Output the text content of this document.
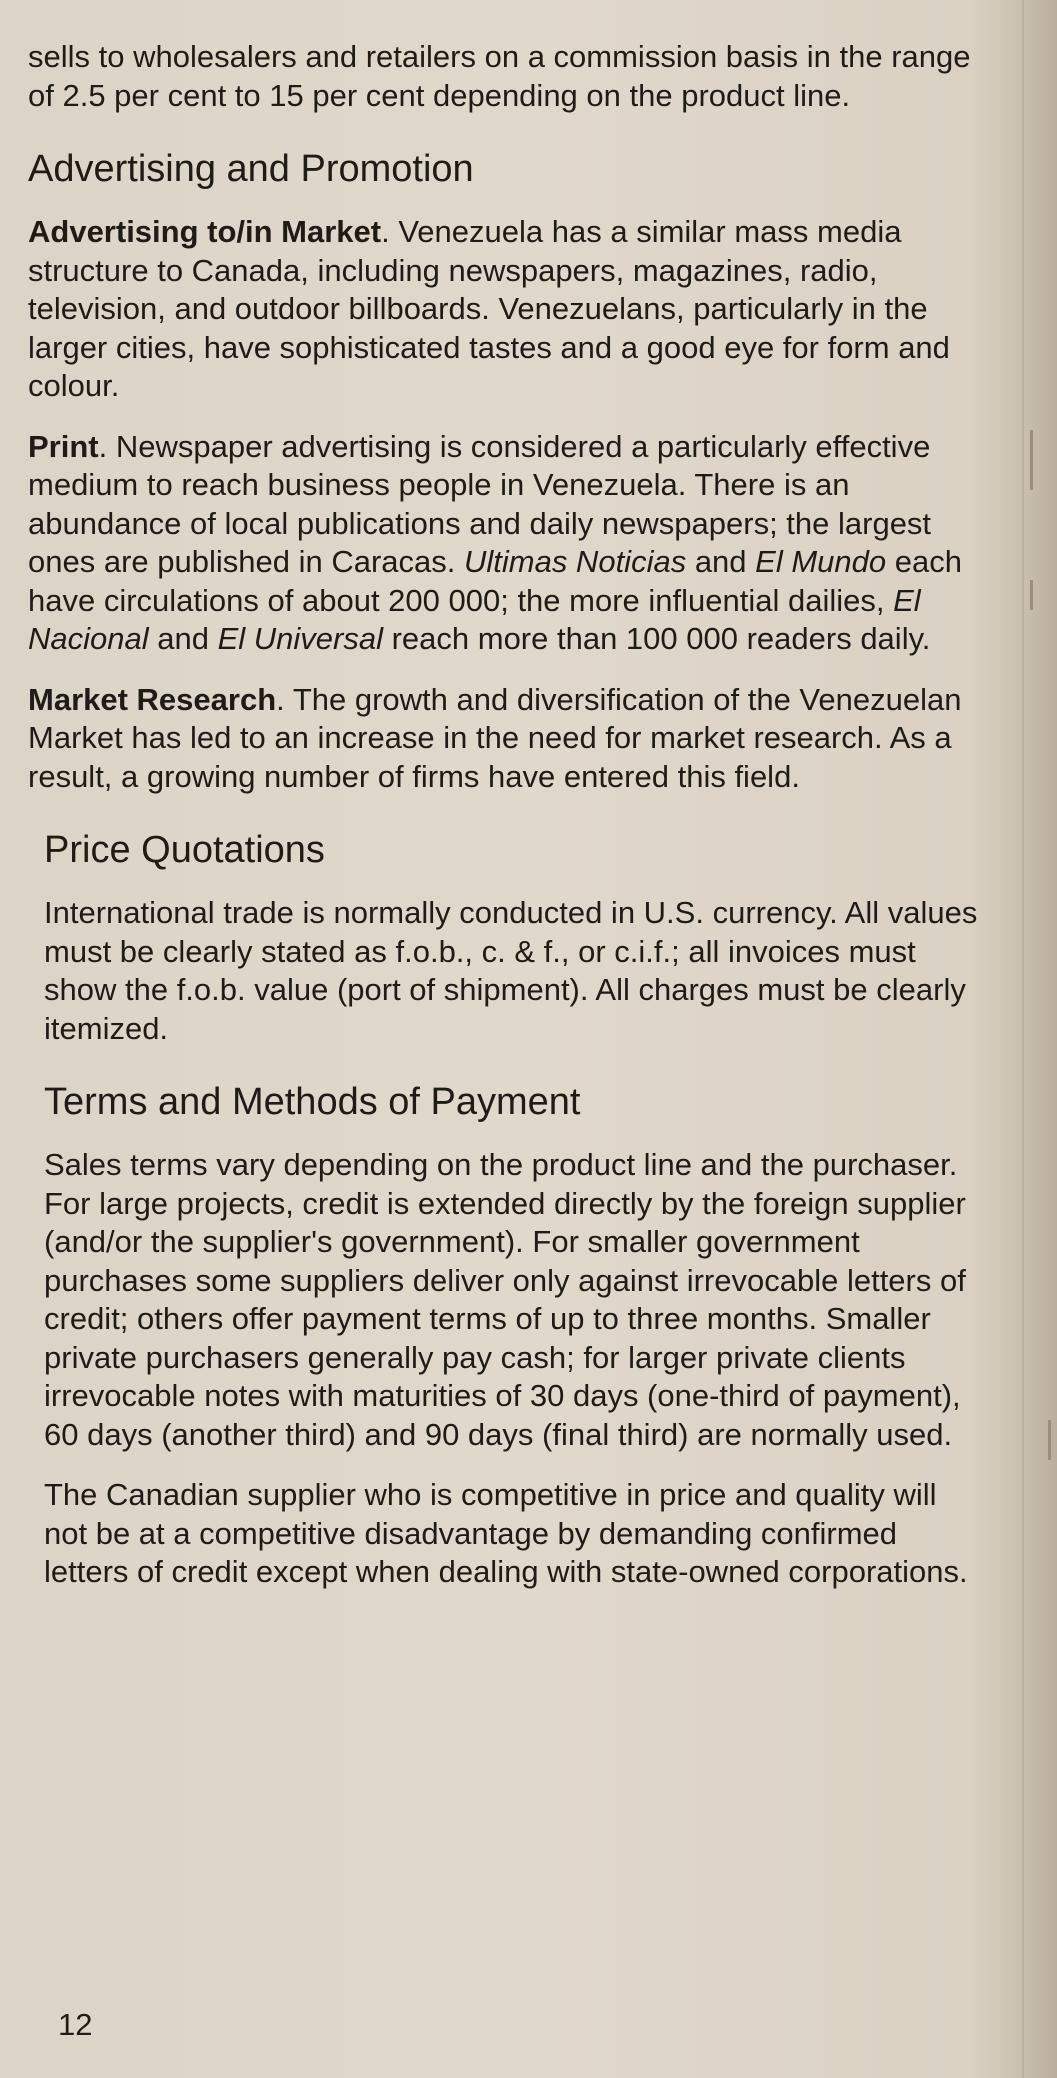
sells to wholesalers and retailers on a commission basis in the range of 2.5 per cent to 15 per cent depending on the product line.

Advertising and Promotion

Advertising to/in Market. Venezuela has a similar mass media structure to Canada, including newspapers, magazines, radio, television, and outdoor billboards. Venezuelans, particularly in the larger cities, have sophisticated tastes and a good eye for form and colour.

Print. Newspaper advertising is considered a particularly effective medium to reach business people in Venezuela. There is an abundance of local publications and daily newspapers; the largest ones are published in Caracas. Ultimas Noticias and El Mundo each have circulations of about 200 000; the more influential dailies, El Nacional and El Universal reach more than 100 000 readers daily.

Market Research. The growth and diversification of the Venezuelan Market has led to an increase in the need for market research. As a result, a growing number of firms have entered this field.

Price Quotations

International trade is normally conducted in U.S. currency. All values must be clearly stated as f.o.b., c. & f., or c.i.f.; all invoices must show the f.o.b. value (port of shipment). All charges must be clearly itemized.

Terms and Methods of Payment

Sales terms vary depending on the product line and the purchaser. For large projects, credit is extended directly by the foreign supplier (and/or the supplier's government). For smaller government purchases some suppliers deliver only against irrevocable letters of credit; others offer payment terms of up to three months. Smaller private purchasers generally pay cash; for larger private clients irrevocable notes with maturities of 30 days (one-third of payment), 60 days (another third) and 90 days (final third) are normally used.

The Canadian supplier who is competitive in price and quality will not be at a competitive disadvantage by demanding confirmed letters of credit except when dealing with state-owned corporations.

12
